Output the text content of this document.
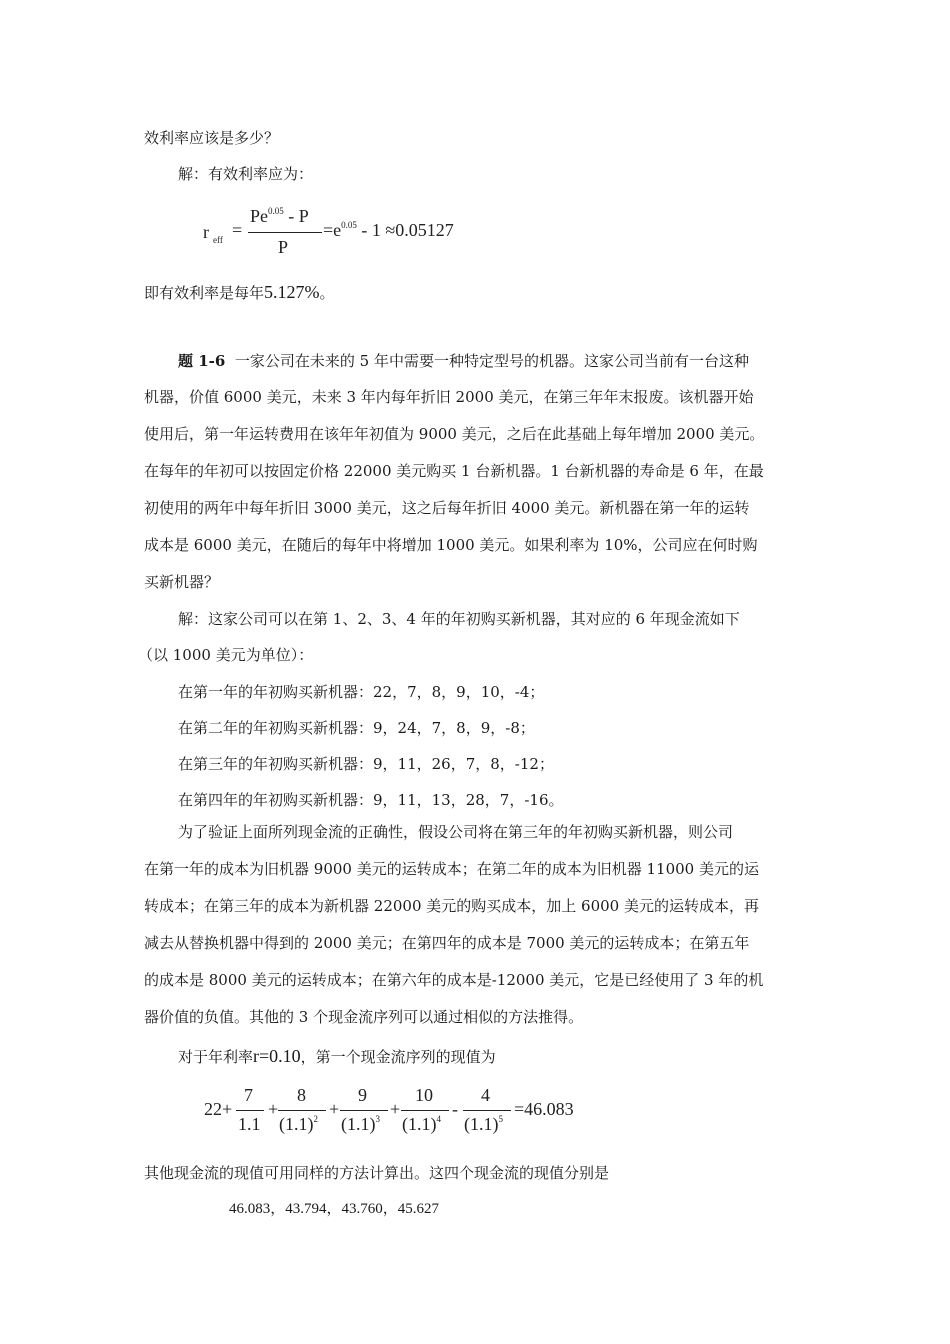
效利率应该是多少？
解：有效利率应为：
r eff =
$Pe^{0.05}$ - P
P
$=e^{0.05} - 1 \approx 0.05127$
即有效利率是每年5.127%。
题 1-6 一家公司在未来的 5 年中需要一种特定型号的机器。这家公司当前有一台这种
机器，价值 6000 美元，未来 3 年内每年折旧 2000 美元，在第三年年末报废。该机器开始
使用后，第一年运转费用在该年年初值为 9000 美元，之后在此基础上每年增加 2000 美元。
在每年的年初可以按固定价格 22000 美元购买 1 台新机器。1 台新机器的寿命是 6 年，在最
初使用的两年中每年折旧 3000 美元，这之后每年折旧 4000 美元。新机器在第一年的运转
成本是 6000 美元，在随后的每年中将增加 1000 美元。如果利率为 10%，公司应在何时购
买新机器？
解：这家公司可以在第 1、2、3、4 年的年初购买新机器，其对应的 6 年现金流如下
（以 1000 美元为单位）：
在第一年的年初购买新机器：22，7，8，9，10，-4；
在第二年的年初购买新机器：9，24，7，8，9，-8；
在第三年的年初购买新机器：9，11，26，7，8，-12；
在第四年的年初购买新机器：9，11，13，28，7，-16。
为了验证上面所列现金流的正确性，假设公司将在第三年的年初购买新机器，则公司
在第一年的成本为旧机器 9000 美元的运转成本；在第二年的成本为旧机器 11000 美元的运
转成本；在第三年的成本为新机器 22000 美元的购买成本，加上 6000 美元的运转成本，再
减去从替换机器中得到的 2000 美元；在第四年的成本是 7000 美元的运转成本；在第五年
的成本是 8000 美元的运转成本；在第六年的成本是-12000 美元，它是已经使用了 3 年的机
器价值的负值。其他的 3 个现金流序列可以通过相似的方法推得。
对于年利率r=0.10，第一个现金流序列的现值为
22+
7
1.1
+
8
$(1.1)^2$ +
9
$(1.1)^3$ +
10
$(1.1)^4$ -
4
$(1.1)^5 =46.083$
其他现金流的现值可用同样的方法计算出。这四个现金流的现值分别是
46.083，43.794，43.760，45.627
